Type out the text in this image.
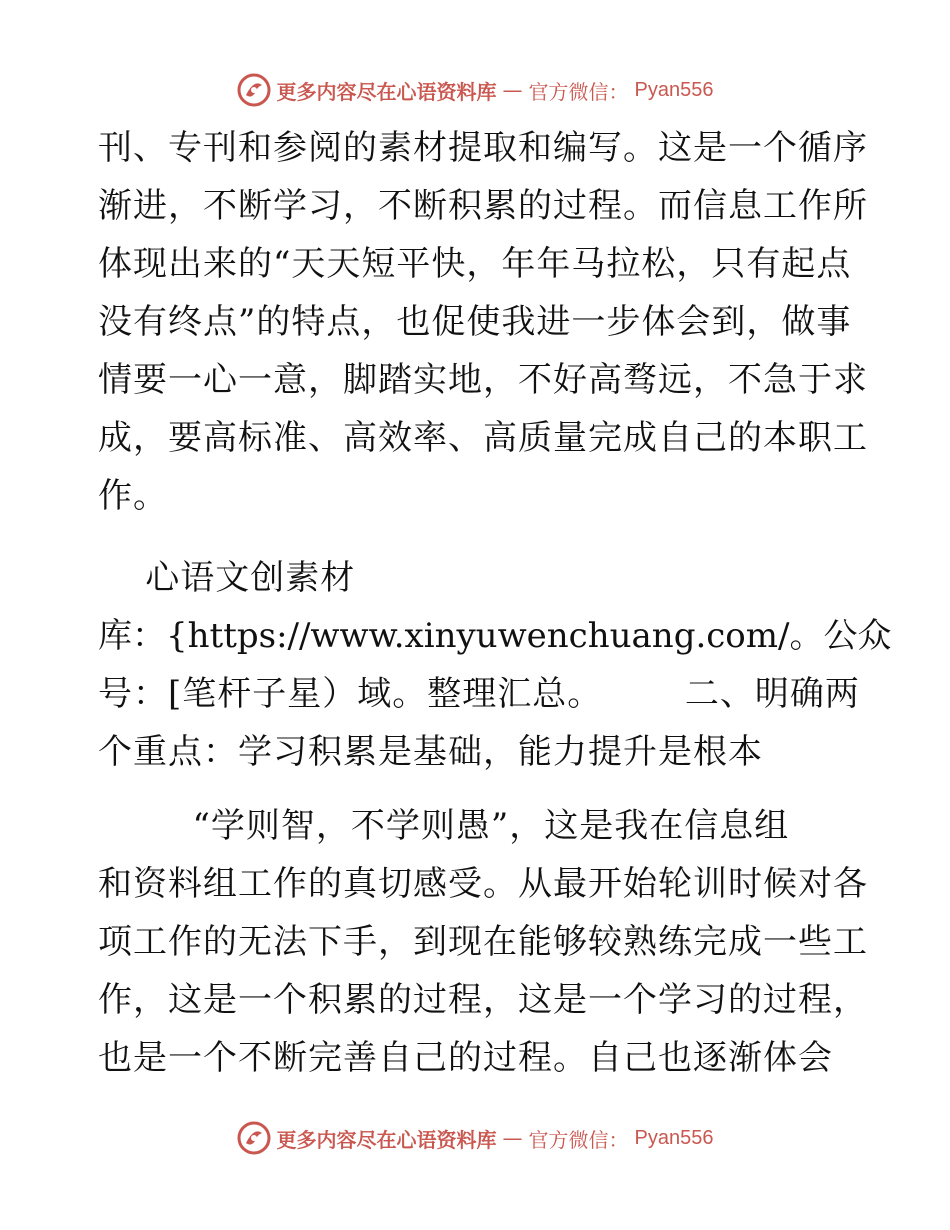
更多内容尽在心语资料库 — 官方微信： Pyan556
刊、专刊和参阅的素材提取和编写。这是一个循序
渐进，不断学习，不断积累的过程。而信息工作所
体现出来的“天天短平快，年年马拉松，只有起点
没有终点”的特点，也促使我进一步体会到，做事
情要一心一意，脚踏实地，不好高骛远，不急于求
成，要高标准、高效率、高质量完成自己的本职工
作。
心语文创素材
库：{https://www.xinyuwenchuang.com/。公众
号：[笔杆子星）域。整理汇总。       二、明确两
个重点：学习积累是基础，能力提升是根本
“学则智，不学则愚”，这是我在信息组
和资料组工作的真切感受。从最开始轮训时候对各
项工作的无法下手，到现在能够较熟练完成一些工
作，这是一个积累的过程，这是一个学习的过程，
也是一个不断完善自己的过程。自己也逐渐体会
更多内容尽在心语资料库 — 官方微信： Pyan556
